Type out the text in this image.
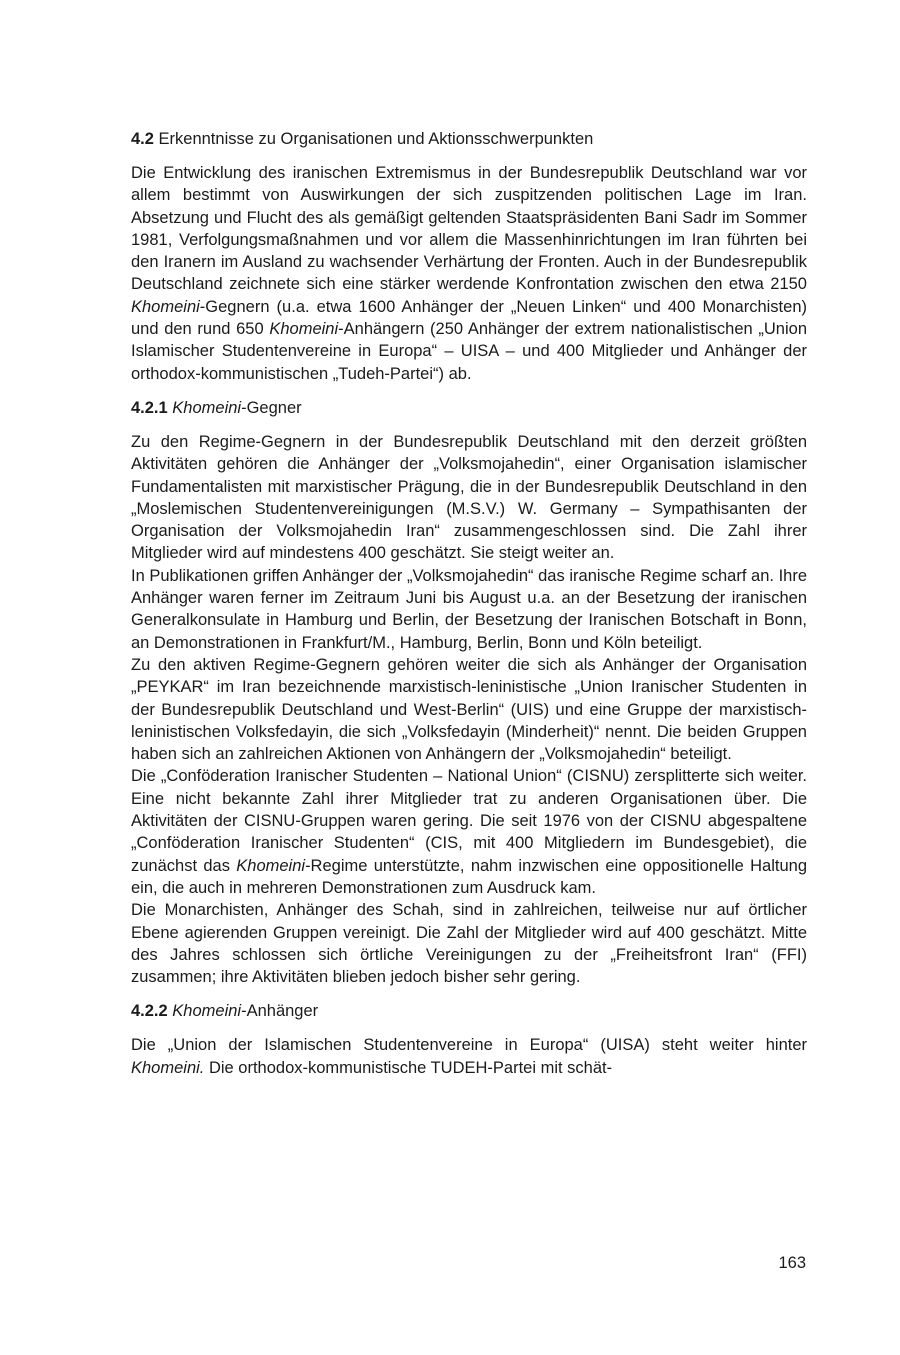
4.2 Erkenntnisse zu Organisationen und Aktionsschwerpunkten

Die Entwicklung des iranischen Extremismus in der Bundesrepublik Deutschland war vor allem bestimmt von Auswirkungen der sich zuspitzenden politischen Lage im Iran. Absetzung und Flucht des als gemäßigt geltenden Staatspräsidenten Bani Sadr im Sommer 1981, Verfolgungsmaßnahmen und vor allem die Massenhinrichtungen im Iran führten bei den Iranern im Ausland zu wachsender Verhärtung der Fronten. Auch in der Bundesrepublik Deutschland zeichnete sich eine stärker werdende Konfrontation zwischen den etwa 2150 Khomeini-Gegnern (u.a. etwa 1600 Anhänger der „Neuen Linken“ und 400 Monarchisten) und den rund 650 Khomeini-Anhängern (250 Anhänger der extrem nationalistischen „Union Islamischer Studentenvereine in Europa“ – UISA – und 400 Mitglieder und Anhänger der orthodox-kommunistischen „Tudeh-Partei“) ab.

4.2.1 Khomeini-Gegner

Zu den Regime-Gegnern in der Bundesrepublik Deutschland mit den derzeit größten Aktivitäten gehören die Anhänger der „Volksmojahedin“, einer Organisation islamischer Fundamentalisten mit marxistischer Prägung, die in der Bundesrepublik Deutschland in den „Moslemischen Studentenvereinigungen (M.S.V.) W. Germany – Sympathisanten der Organisation der Volksmojahedin Iran“ zusammengeschlossen sind. Die Zahl ihrer Mitglieder wird auf mindestens 400 geschätzt. Sie steigt weiter an.

In Publikationen griffen Anhänger der „Volksmojahedin“ das iranische Regime scharf an. Ihre Anhänger waren ferner im Zeitraum Juni bis August u.a. an der Besetzung der iranischen Generalkonsulate in Hamburg und Berlin, der Besetzung der Iranischen Botschaft in Bonn, an Demonstrationen in Frankfurt/M., Hamburg, Berlin, Bonn und Köln beteiligt.

Zu den aktiven Regime-Gegnern gehören weiter die sich als Anhänger der Organisation „PEYKAR“ im Iran bezeichnende marxistisch-leninistische „Union Iranischer Studenten in der Bundesrepublik Deutschland und West-Berlin“ (UIS) und eine Gruppe der marxistisch-leninistischen Volksfedayin, die sich „Volksfedayin (Minderheit)“ nennt. Die beiden Gruppen haben sich an zahlreichen Aktionen von Anhängern der „Volksmojahedin“ beteiligt.

Die „Conföderation Iranischer Studenten – National Union“ (CISNU) zersplitterte sich weiter. Eine nicht bekannte Zahl ihrer Mitglieder trat zu anderen Organisationen über. Die Aktivitäten der CISNU-Gruppen waren gering. Die seit 1976 von der CISNU abgespaltene „Conföderation Iranischer Studenten“ (CIS, mit 400 Mitgliedern im Bundesgebiet), die zunächst das Khomeini-Regime unterstützte, nahm inzwischen eine oppositionelle Haltung ein, die auch in mehreren Demonstrationen zum Ausdruck kam.

Die Monarchisten, Anhänger des Schah, sind in zahlreichen, teilweise nur auf örtlicher Ebene agierenden Gruppen vereinigt. Die Zahl der Mitglieder wird auf 400 geschätzt. Mitte des Jahres schlossen sich örtliche Vereinigungen zu der „Freiheitsfront Iran“ (FFI) zusammen; ihre Aktivitäten blieben jedoch bisher sehr gering.

4.2.2 Khomeini-Anhänger

Die „Union der Islamischen Studentenvereine in Europa“ (UISA) steht weiter hinter Khomeini. Die orthodox-kommunistische TUDEH-Partei mit schät-

163
